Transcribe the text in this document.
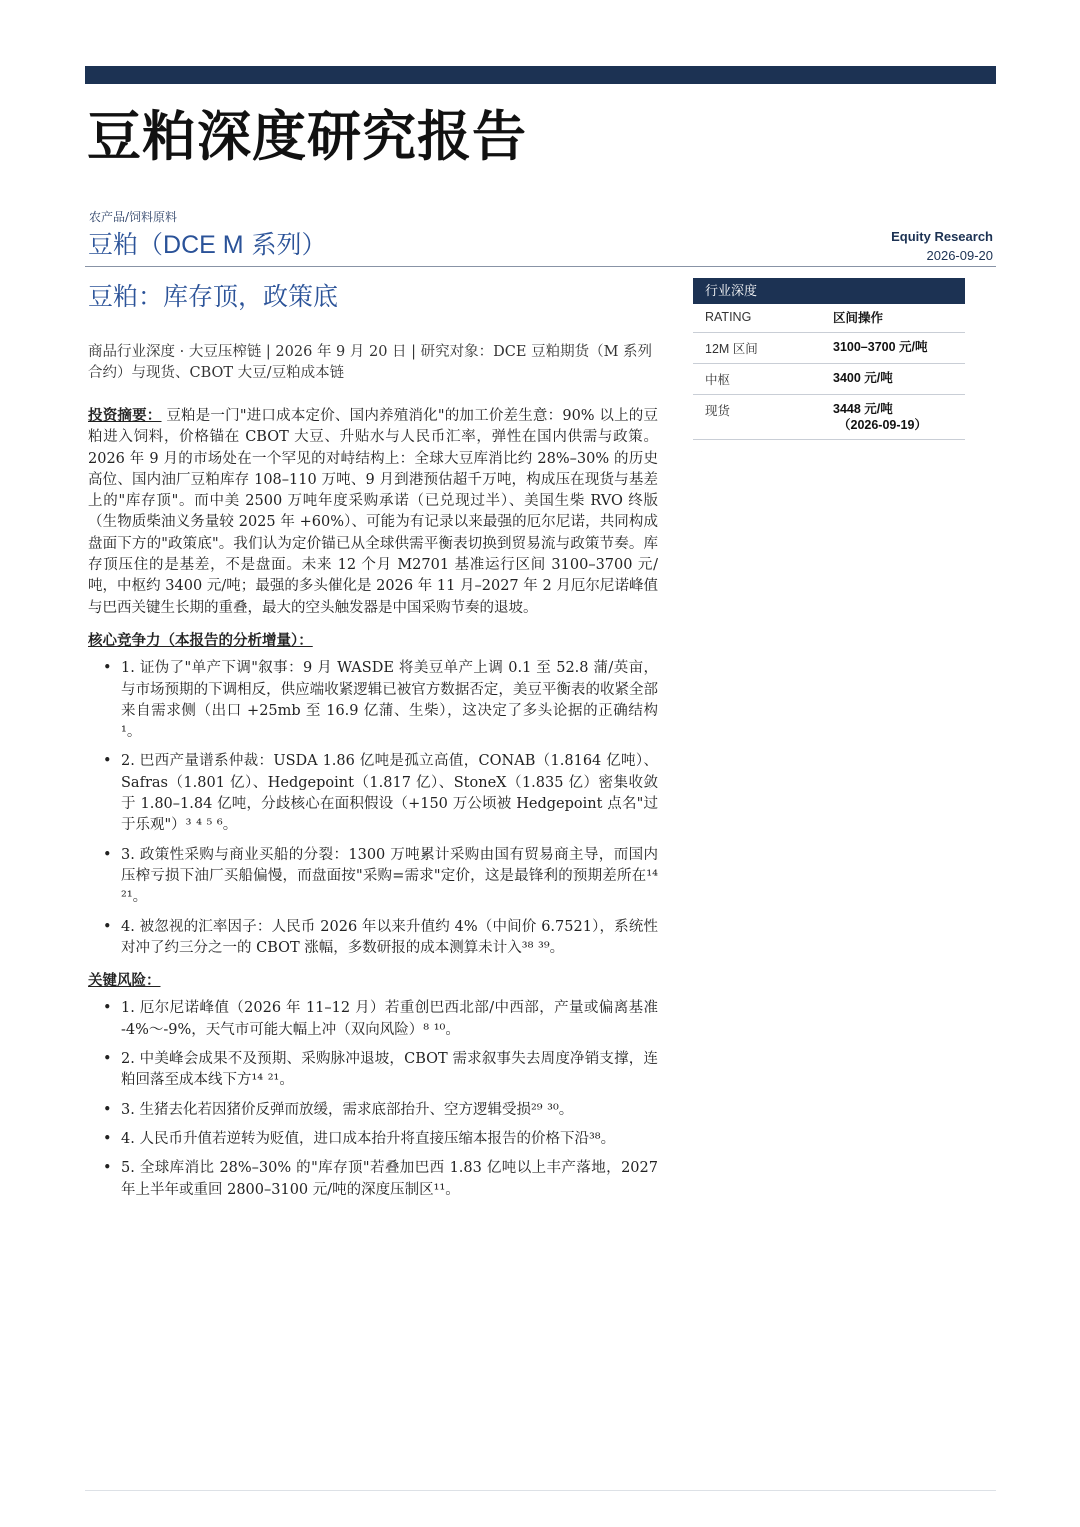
豆粕深度研究报告
农产品/饲料原料
豆粕（DCE M 系列）	Equity Research
2026-09-20
豆粕：库存顶，政策底
商品行业深度 · 大豆压榨链 | 2026 年 9 月 20 日 | 研究对象：DCE 豆粕期货（M 系列合约）与现货、CBOT 大豆/豆粕成本链

投资摘要： 豆粕是一门"进口成本定价、国内养殖消化"的加工价差生意：90% 以上的豆粕进入饲料，价格锚在 CBOT 大豆、升贴水与人民币汇率，弹性在国内供需与政策。2026 年 9 月的市场处在一个罕见的对峙结构上：全球大豆库消比约 28%–30% 的历史高位、国内油厂豆粕库存 108–110 万吨、9 月到港预估超千万吨，构成压在现货与基差上的"库存顶"。而中美 2500 万吨年度采购承诺（已兑现过半）、美国生柴 RVO 终版（生物质柴油义务量较 2025 年 +60%）、可能为有记录以来最强的厄尔尼诺，共同构成盘面下方的"政策底"。我们认为定价锚已从全球供需平衡表切换到贸易流与政策节奏。库存顶压住的是基差，不是盘面。未来 12 个月 M2701 基准运行区间 3100–3700 元/吨，中枢约 3400 元/吨；最强的多头催化是 2026 年 11 月–2027 年 2 月厄尔尼诺峰值与巴西关键生长期的重叠，最大的空头触发器是中国采购节奏的退坡。

核心竞争力（本报告的分析增量）：
• 1. 证伪了"单产下调"叙事：9 月 WASDE 将美豆单产上调 0.1 至 52.8 蒲/英亩，与市场预期的下调相反，供应端收紧逻辑已被官方数据否定，美豆平衡表的收紧全部来自需求侧（出口 +25mb 至 16.9 亿蒲、生柴），这决定了多头论据的正确结构¹。
• 2. 巴西产量谱系仲裁：USDA 1.86 亿吨是孤立高值，CONAB（1.8164 亿吨）、Safras（1.801 亿）、Hedgepoint（1.817 亿）、StoneX（1.835 亿）密集收敛于 1.80–1.84 亿吨，分歧核心在面积假设（+150 万公顷被 Hedgepoint 点名"过于乐观"）³ ⁴ ⁵ ⁶。
• 3. 政策性采购与商业买船的分裂：1300 万吨累计采购由国有贸易商主导，而国内压榨亏损下油厂买船偏慢，而盘面按"采购=需求"定价，这是最锋利的预期差所在¹⁴ ²¹。
• 4. 被忽视的汇率因子：人民币 2026 年以来升值约 4%（中间价 6.7521），系统性对冲了约三分之一的 CBOT 涨幅，多数研报的成本测算未计入³⁸ ³⁹。
关键风险：
• 1. 厄尔尼诺峰值（2026 年 11–12 月）若重创巴西北部/中西部，产量或偏离基准 -4%～-9%，天气市可能大幅上冲（双向风险）⁸ ¹⁰。
• 2. 中美峰会成果不及预期、采购脉冲退坡，CBOT 需求叙事失去周度净销支撑，连粕回落至成本线下方¹⁴ ²¹。
• 3. 生猪去化若因猪价反弹而放缓，需求底部抬升、空方逻辑受损²⁹ ³⁰。
• 4. 人民币升值若逆转为贬值，进口成本抬升将直接压缩本报告的价格下沿³⁸。
• 5. 全球库消比 28%–30% 的"库存顶"若叠加巴西 1.83 亿吨以上丰产落地，2027 年上半年或重回 2800–3100 元/吨的深度压制区¹¹。
行业深度
RATING	区间操作
12M 区间	3100–3700 元/吨
中枢	3400 元/吨
现货	3448 元/吨
（2026-09-19）
